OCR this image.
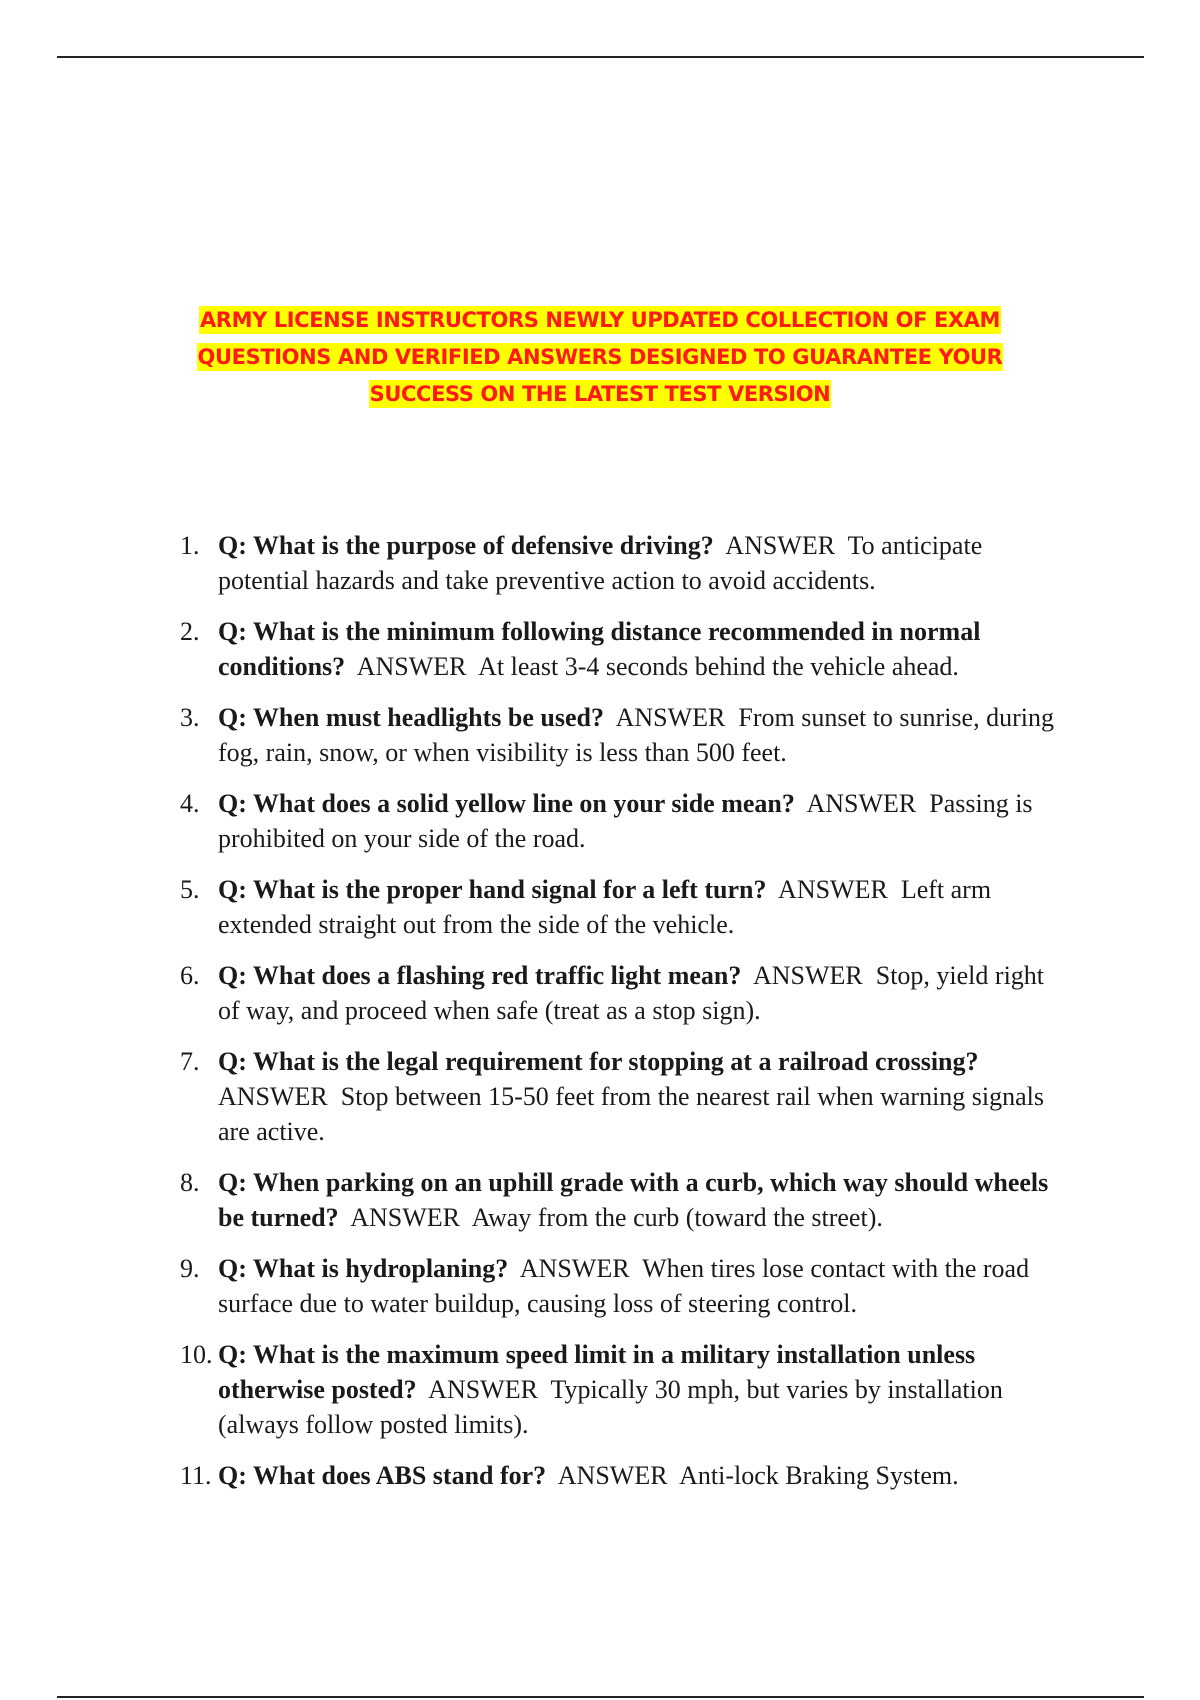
ARMY LICENSE INSTRUCTORS NEWLY UPDATED COLLECTION OF EXAM
QUESTIONS AND VERIFIED ANSWERS DESIGNED TO GUARANTEE YOUR
SUCCESS ON THE LATEST TEST VERSION
1. Q: What is the purpose of defensive driving? ANSWER To anticipate potential hazards and take preventive action to avoid accidents.
2. Q: What is the minimum following distance recommended in normal conditions? ANSWER At least 3-4 seconds behind the vehicle ahead.
3. Q: When must headlights be used? ANSWER From sunset to sunrise, during fog, rain, snow, or when visibility is less than 500 feet.
4. Q: What does a solid yellow line on your side mean? ANSWER Passing is prohibited on your side of the road.
5. Q: What is the proper hand signal for a left turn? ANSWER Left arm extended straight out from the side of the vehicle.
6. Q: What does a flashing red traffic light mean? ANSWER Stop, yield right of way, and proceed when safe (treat as a stop sign).
7. Q: What is the legal requirement for stopping at a railroad crossing?  ANSWER Stop between 15-50 feet from the nearest rail when warning signals are active.
8. Q: When parking on an uphill grade with a curb, which way should wheels be turned? ANSWER Away from the curb (toward the street).
9. Q: What is hydroplaning? ANSWER When tires lose contact with the road surface due to water buildup, causing loss of steering control.
10. Q: What is the maximum speed limit in a military installation unless otherwise posted? ANSWER Typically 30 mph, but varies by installation (always follow posted limits).
11. Q: What does ABS stand for? ANSWER Anti-lock Braking System.
